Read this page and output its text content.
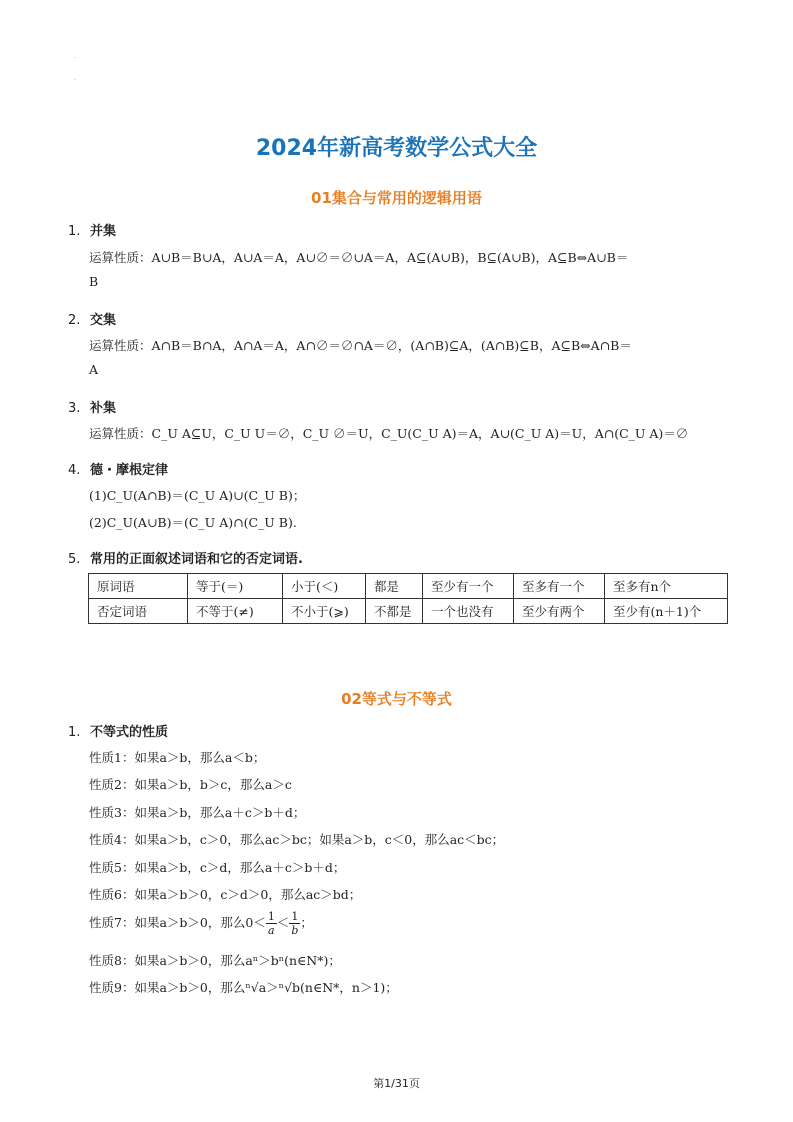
·
·
2024年新高考数学公式大全
01集合与常用的逻辑用语
1. 并集
运算性质：A∪B＝B∪A，A∪A＝A，A∪∅＝∅∪A＝A，A⊆(A∪B)，B⊆(A∪B)，A⊆B⇔A∪B＝
B
2. 交集
运算性质：A∩B＝B∩A，A∩A＝A，A∩∅＝∅∩A＝∅，(A∩B)⊆A，(A∩B)⊆B，A⊆B⇔A∩B＝
A
3. 补集
运算性质：C_U A⊆U，C_U U＝∅，C_U ∅＝U，C_U(C_U A)＝A，A∪(C_U A)＝U，A∩(C_U A)＝∅
4. 德・摩根定律
(1)C_U(A∩B)＝(C_U A)∪(C_U B)；
(2)C_U(A∪B)＝(C_U A)∩(C_U B).
5. 常用的正面叙述词语和它的否定词语.
原词语	等于(＝)	小于(＜)	都是	至少有一个	至多有一个	至多有n个
否定词语	不等于(≠)	不小于(⩾)	不都是	一个也没有	至少有两个	至少有(n＋1)个
02等式与不等式
1. 不等式的性质
性质1：如果a＞b，那么a＜b；
性质2：如果a＞b，b＞c，那么a＞c
性质3：如果a＞b，那么a＋c＞b＋d；
性质4：如果a＞b，c＞0，那么ac＞bc；如果a＞b，c＜0，那么ac＜bc；
性质5：如果a＞b，c＞d，那么a＋c＞b＋d；
性质6：如果a＞b＞0，c＞d＞0，那么ac＞bd；
性质7：如果a＞b＞0，那么$0< \frac{1}{a} < \frac{1}{b}$ ；
性质8：如果a＞b＞0，那么aⁿ＞bⁿ(n∈N*)；
性质9：如果a＞b＞0，那么ⁿ√a＞ⁿ√b(n∈N*，n＞1)；
第1/31页
